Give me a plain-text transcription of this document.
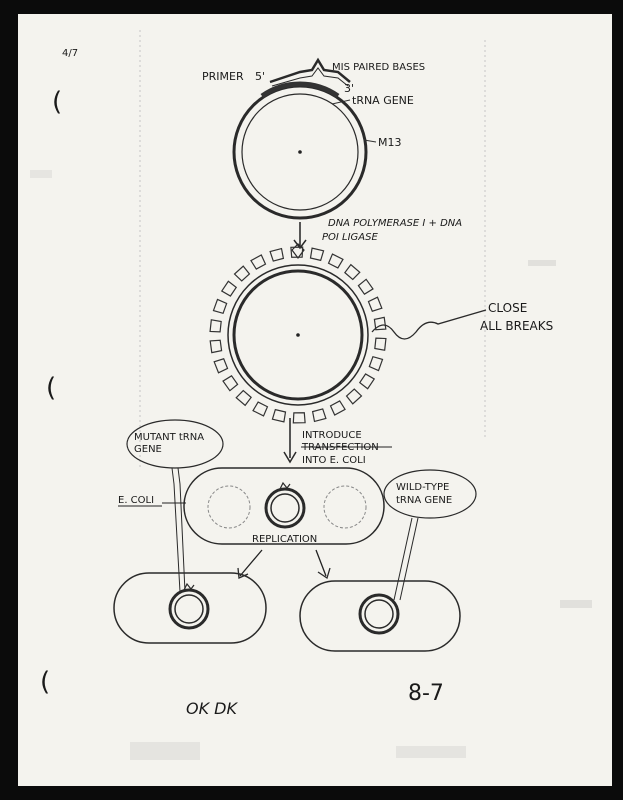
(
(
(
4/7
PRIMER 5'
3'
MIS PAIRED BASES
tRNA GENE
M13
DNA POLYMERASE I + DNA
POI LIGASE
CLOSE
ALL BREAKS
INTRODUCE
TRANSFECTION
INTO E. COLI
MUTANT tRNA
GENE
WILD-TYPE
tRNA GENE
E. COLI
REPLICATION
8-7
OK DK
